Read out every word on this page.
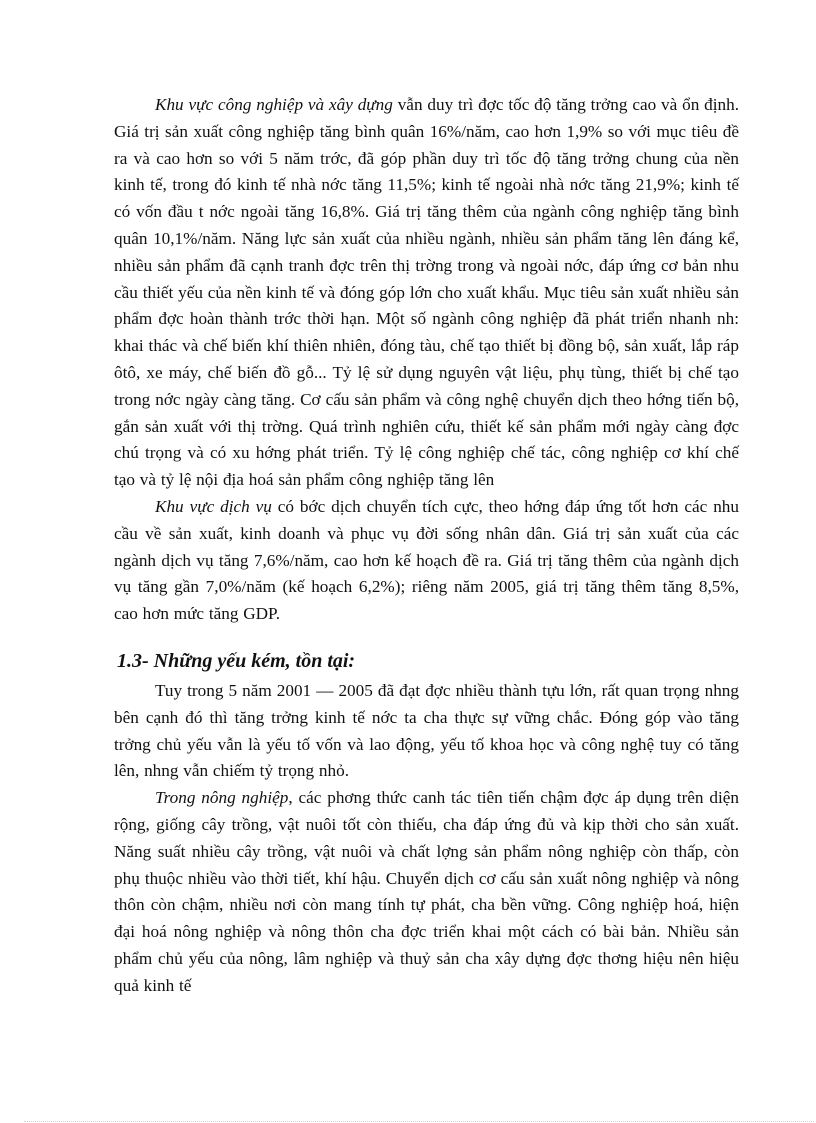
Khu vực công nghiệp và xây dựng vẫn duy trì đợc tốc độ tăng trởng cao và ổn định. Giá trị sản xuất công nghiệp tăng bình quân 16%/năm, cao hơn 1,9% so với mục tiêu đề ra và cao hơn so với 5 năm trớc, đã góp phần duy trì tốc độ tăng trởng chung của nền kinh tế, trong đó kinh tế nhà nớc tăng 11,5%; kinh tế ngoài nhà nớc tăng 21,9%; kinh tế có vốn đầu t nớc ngoài tăng 16,8%. Giá trị tăng thêm của ngành công nghiệp tăng bình quân 10,1%/năm. Năng lực sản xuất của nhiều ngành, nhiều sản phẩm tăng lên đáng kể, nhiều sản phẩm đã cạnh tranh đợc trên thị trờng trong và ngoài nớc, đáp ứng cơ bản nhu cầu thiết yếu của nền kinh tế và đóng góp lớn cho xuất khẩu. Mục tiêu sản xuất nhiều sản phẩm đợc hoàn thành trớc thời hạn. Một số ngành công nghiệp đã phát triển nhanh nh: khai thác và chế biến khí thiên nhiên, đóng tàu, chế tạo thiết bị đồng bộ, sản xuất, lắp ráp ôtô, xe máy, chế biến đồ gỗ... Tỷ lệ sử dụng nguyên vật liệu, phụ tùng, thiết bị chế tạo trong nớc ngày càng tăng. Cơ cấu sản phẩm và công nghệ chuyển dịch theo hớng tiến bộ, gắn sản xuất với thị trờng. Quá trình nghiên cứu, thiết kế sản phẩm mới ngày càng đợc chú trọng và có xu hớng phát triển. Tỷ lệ công nghiệp chế tác, công nghiệp cơ khí chế tạo và tỷ lệ nội địa hoá sản phẩm công nghiệp tăng lên

Khu vực dịch vụ có bớc dịch chuyển tích cực, theo hớng đáp ứng tốt hơn các nhu cầu về sản xuất, kinh doanh và phục vụ đời sống nhân dân. Giá trị sản xuất của các ngành dịch vụ tăng 7,6%/năm, cao hơn kế hoạch đề ra. Giá trị tăng thêm của ngành dịch vụ tăng gần 7,0%/năm (kế hoạch 6,2%); riêng năm 2005, giá trị tăng thêm tăng 8,5%, cao hơn mức tăng GDP.

1.3- Những yếu kém, tồn tại:

Tuy trong 5 năm 2001 — 2005 đã đạt đợc nhiều thành tựu lớn, rất quan trọng nhng bên cạnh đó thì tăng trởng kinh tế nớc ta cha thực sự vững chắc. Đóng góp vào tăng trởng chủ yếu vẫn là yếu tố vốn và lao động, yếu tố khoa học và công nghệ tuy có tăng lên, nhng vẫn chiếm tỷ trọng nhỏ.

Trong nông nghiệp, các phơng thức canh tác tiên tiến chậm đợc áp dụng trên diện rộng, giống cây trồng, vật nuôi tốt còn thiếu, cha đáp ứng đủ và kịp thời cho sản xuất. Năng suất nhiều cây trồng, vật nuôi và chất lợng sản phẩm nông nghiệp còn thấp, còn phụ thuộc nhiều vào thời tiết, khí hậu. Chuyển dịch cơ cấu sản xuất nông nghiệp và nông thôn còn chậm, nhiều nơi còn mang tính tự phát, cha bền vững. Công nghiệp hoá, hiện đại hoá nông nghiệp và nông thôn cha đợc triển khai một cách có bài bản. Nhiều sản phẩm chủ yếu của nông, lâm nghiệp và thuỷ sản cha xây dựng đợc thơng hiệu nên hiệu quả kinh tế
